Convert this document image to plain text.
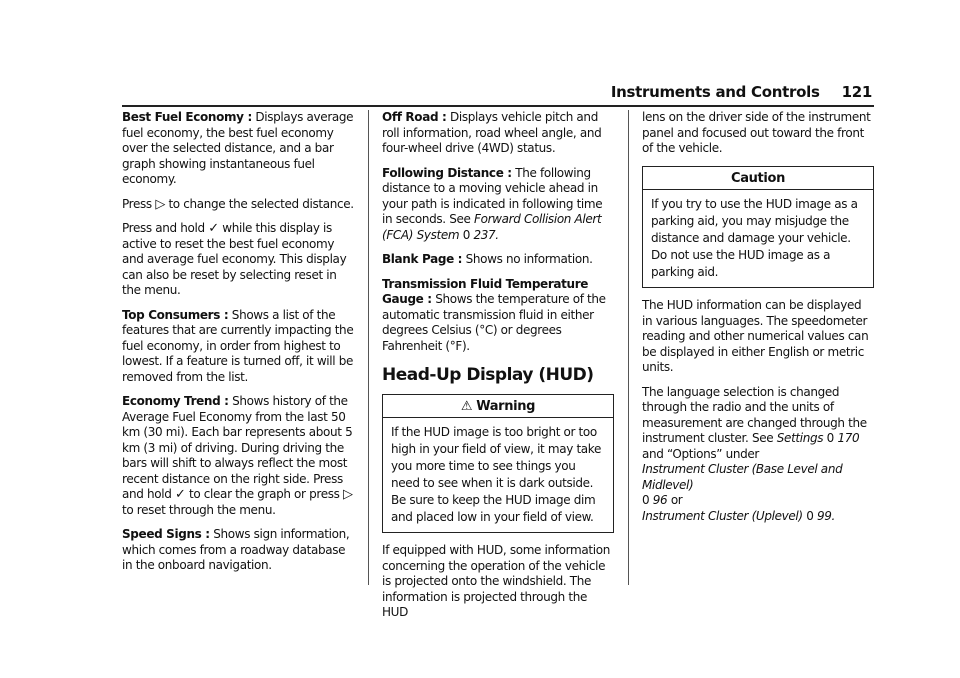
Instruments and Controls 121

Best Fuel Economy : Displays average fuel economy, the best fuel economy over the selected distance, and a bar graph showing instantaneous fuel economy.

Press ▷ to change the selected distance.

Press and hold ✓ while this display is active to reset the best fuel economy and average fuel economy. This display can also be reset by selecting reset in the menu.

Top Consumers : Shows a list of the features that are currently impacting the fuel economy, in order from highest to lowest. If a feature is turned off, it will be removed from the list.

Economy Trend : Shows history of the Average Fuel Economy from the last 50 km (30 mi). Each bar represents about 5 km (3 mi) of driving. During driving the bars will shift to always reflect the most recent distance on the right side. Press and hold ✓ to clear the graph or press ▷ to reset through the menu.

Speed Signs : Shows sign information, which comes from a roadway database in the onboard navigation.

Off Road : Displays vehicle pitch and roll information, road wheel angle, and four-wheel drive (4WD) status.

Following Distance : The following distance to a moving vehicle ahead in your path is indicated in following time in seconds. See Forward Collision Alert (FCA) System 0 237.

Blank Page : Shows no information.

Transmission Fluid Temperature Gauge : Shows the temperature of the automatic transmission fluid in either degrees Celsius (°C) or degrees Fahrenheit (°F).

Head-Up Display (HUD)
⚠ Warning
If the HUD image is too bright or too high in your field of view, it may take you more time to see things you need to see when it is dark outside. Be sure to keep the HUD image dim and placed low in your field of view.

If equipped with HUD, some information concerning the operation of the vehicle is projected onto the windshield. The information is projected through the HUD

lens on the driver side of the instrument panel and focused out toward the front of the vehicle.

Caution
If you try to use the HUD image as a parking aid, you may misjudge the distance and damage your vehicle. Do not use the HUD image as a parking aid.

The HUD information can be displayed in various languages. The speedometer reading and other numerical values can be displayed in either English or metric units.

The language selection is changed through the radio and the units of measurement are changed through the instrument cluster. See Settings 0 170 and “Options” under
Instrument Cluster (Base Level and Midlevel)
0 96 or
Instrument Cluster (Uplevel) 0 99.
